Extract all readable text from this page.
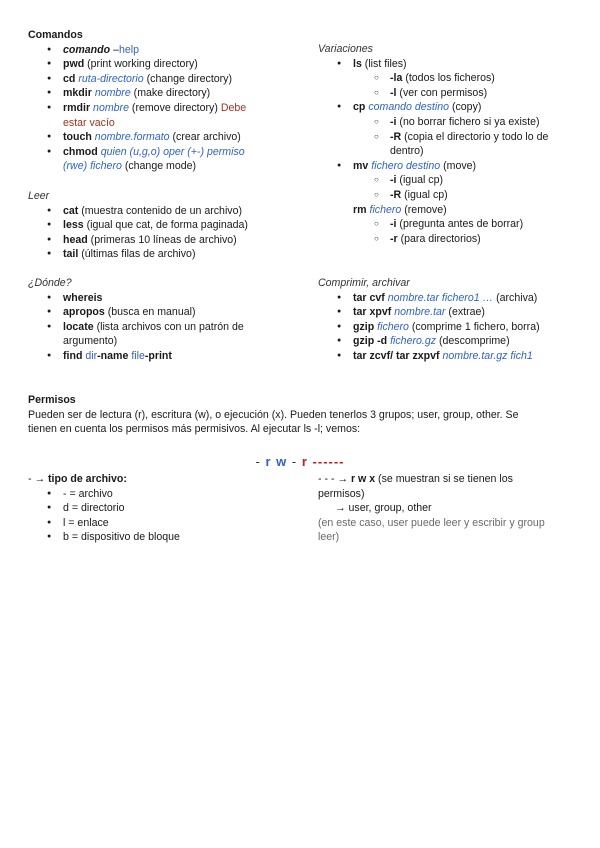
Comandos
● comando –help
● pwd (print working directory)
● cd ruta-directorio (change directory)
● mkdir nombre (make directory)
● rmdir nombre (remove directory) Debe
estar vacío
● touch nombre.formato (crear archivo)
● chmod quien (u,g,o) oper (+-) permiso
(rwe) fichero (change mode)
Leer
● cat (muestra contenido de un archivo)
● less (igual que cat, de forma paginada)
● head (primeras 10 líneas de archivo)
● tail (últimas filas de archivo)
¿Dónde?
● whereis
● apropos (busca en manual)
● locate (lista archivos con un patrón de
argumento)
● find dir-name file-print
Variaciones
● ls (list files)
○ -la (todos los ficheros)
○ -l (ver con permisos)
● cp comando destino (copy)
○ -i (no borrar fichero si ya existe)
○ -R (copia el directorio y todo lo de
dentro)
● mv fichero destino (move)
○ -i (igual cp)
○ -R (igual cp)
rm fichero (remove)
○ -i (pregunta antes de borrar)
○ -r (para directorios)
Comprimir, archivar
● tar cvf nombre.tar fichero1 … (archiva)
● tar xpvf nombre.tar (extrae)
● gzip fichero (comprime 1 fichero, borra)
● gzip -d fichero.gz (descomprime)
● tar zcvf/ tar zxpvf nombre.tar.gz fich1
Permisos
Pueden ser de lectura (r), escritura (w), o ejecución (x). Pueden tenerlos 3 grupos; user, group, other. Se
tienen en cuenta los permisos más permisivos. Al ejecutar ls -l; vemos:
- r w - r ------
- → tipo de archivo:
● - = archivo
● d = directorio
● l = enlace
● b = dispositivo de bloque
- - - → r w x (se muestran si se tienen los
permisos)
→ user, group, other
(en este caso, user puede leer y escribir y group
leer)
